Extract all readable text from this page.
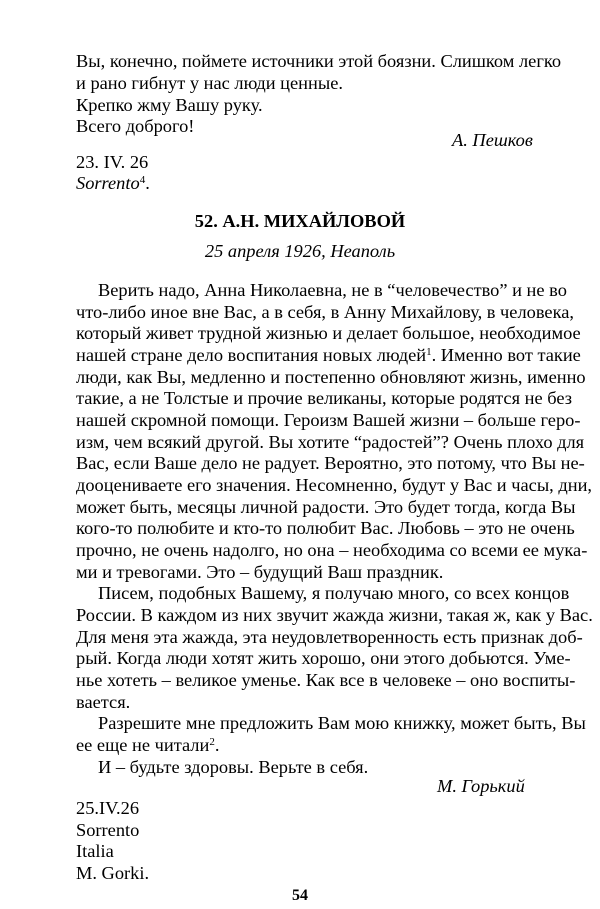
Вы, конечно, поймете источники этой боязни. Слишком легко
и рано гибнут у нас люди ценные.
Крепко жму Вашу руку.
Всего доброго!
А. Пешков
23. IV. 26
Sorrento$^4$.
52. А.Н. МИХАЙЛОВОЙ
25 апреля 1926, Неаполь
Верить надо, Анна Николаевна, не в “человечество” и не во
что-либо иное вне Вас, а в себя, в Анну Михайлову, в человека,
который живет трудной жизнью и делает большое, необходимое
нашей стране дело воспитания новых людей$^1$. Именно вот такие
люди, как Вы, медленно и постепенно обновляют жизнь, именно
такие, а не Толстые и прочие великаны, которые родятся не без
нашей скромной помощи. Героизм Вашей жизни – больше геро-
изм, чем всякий другой. Вы хотите “радостей”? Очень плохо для
Вас, если Ваше дело не радует. Вероятно, это потому, что Вы не-
дооцениваете его значения. Несомненно, будут у Вас и часы, дни,
может быть, месяцы личной радости. Это будет тогда, когда Вы
кого-то полюбите и кто-то полюбит Вас. Любовь – это не очень
прочно, не очень надолго, но она – необходима со всеми ее мука-
ми и тревогами. Это – будущий Ваш праздник.
Писем, подобных Вашему, я получаю много, со всех концов
России. В каждом из них звучит жажда жизни, такая ж, как у Вас.
Для меня эта жажда, эта неудовлетворенность есть признак доб-
рый. Когда люди хотят жить хорошо, они этого добьются. Уме-
нье хотеть – великое уменье. Как все в человеке – оно воспиты-
вается.
Разрешите мне предложить Вам мою книжку, может быть, Вы
ее еще не читали$^2$.
И – будьте здоровы. Верьте в себя.
М. Горький
25.IV.26
Sorrento
Italia
M. Gorki.
54
